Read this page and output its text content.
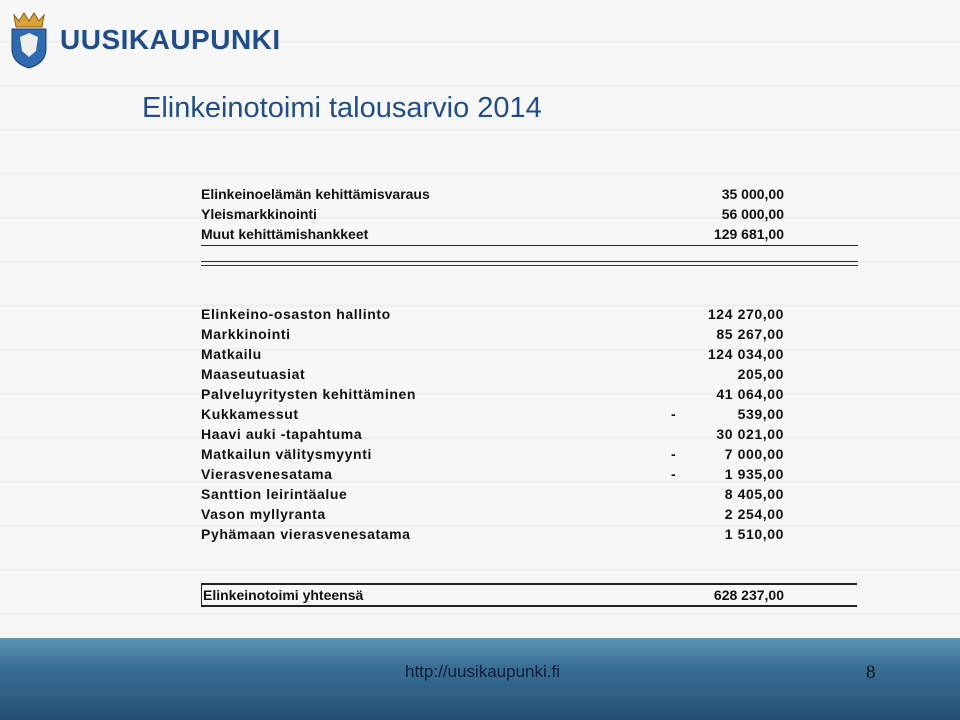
UUSIKAUPUNKI
Elinkeinotoimi talousarvio 2014
Elinkeinoelämän kehittämisvaraus	35 000,00
Yleismarkkinointi	56 000,00
Muut kehittämishankkeet	129 681,00
Elinkeino-osaston hallinto	124 270,00
Markkinointi	85 267,00
Matkailu	124 034,00
Maaseutuasiat	205,00
Palveluyritysten kehittäminen	41 064,00
Kukkamessut	-	539,00
Haavi auki -tapahtuma	30 021,00
Matkailun välitysmyynti	-	7 000,00
Vierasvenesatama	-	1 935,00
Santtion leirintäalue	8 405,00
Vason myllyranta	2 254,00
Pyhämaan vierasvenesatama	1 510,00
Elinkeinotoimi yhteensä	628 237,00
http://uusikaupunki.fi	8
